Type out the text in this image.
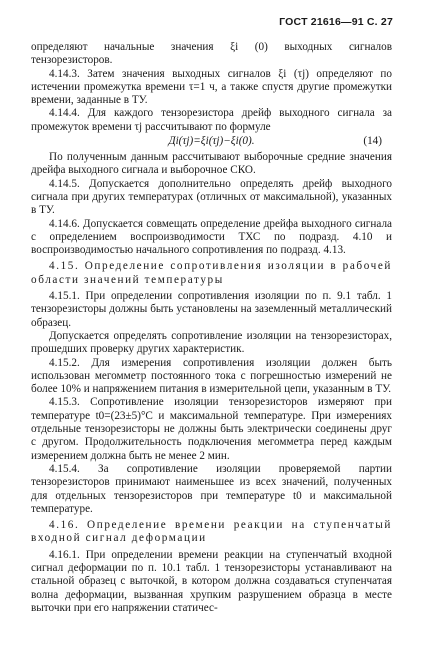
ГОСТ 21616—91 С. 27

определяют начальные значения ξi (0) выходных сигналов тензорезисторов.

4.14.3. Затем значения выходных сигналов ξi (τj) определяют по истечении промежутка времени τ=1 ч, а также спустя другие промежутки времени, заданные в ТУ.

4.14.4. Для каждого тензорезистора дрейф выходного сигнала за промежуток времени τj рассчитывают по формуле

Дi(τj)=ξi(τj)−ξi(0).	(14)

По полученным данным рассчитывают выборочные средние значения дрейфа выходного сигнала и выборочное СКО.

4.14.5. Допускается дополнительно определять дрейф выходного сигнала при других температурах (отличных от максимальной), указанных в ТУ.

4.14.6. Допускается совмещать определение дрейфа выходного сигнала с определением воспроизводимости ТХС по подразд. 4.10 и воспроизводимостью начального сопротивления по подразд. 4.13.

4.15. Определение сопротивления изоляции в рабочей области значений температуры

4.15.1. При определении сопротивления изоляции по п. 9.1 табл. 1 тензорезисторы должны быть установлены на заземленный металлический образец.

Допускается определять сопротивление изоляции на тензорезисторах, прошедших проверку других характеристик.

4.15.2. Для измерения сопротивления изоляции должен быть использован мегомметр постоянного тока с погрешностью измерений не более 10% и напряжением питания в измерительной цепи, указанным в ТУ.

4.15.3. Сопротивление изоляции тензорезисторов измеряют при температуре t0=(23±5)°С и максимальной температуре. При измерениях отдельные тензорезисторы не должны быть электрически соединены друг с другом. Продолжительность подключения мегомметра перед каждым измерением должна быть не менее 2 мин.

4.15.4. За сопротивление изоляции проверяемой партии тензорезисторов принимают наименьшее из всех значений, полученных для отдельных тензорезисторов при температуре t0 и максимальной температуре.

4.16. Определение времени реакции на ступенчатый входной сигнал деформации

4.16.1. При определении времени реакции на ступенчатый входной сигнал деформации по п. 10.1 табл. 1 тензорезисторы устанавливают на стальной образец с выточкой, в котором должна создаваться ступенчатая волна деформации, вызванная хрупким разрушением образца в месте выточки при его напряжении статичес-
